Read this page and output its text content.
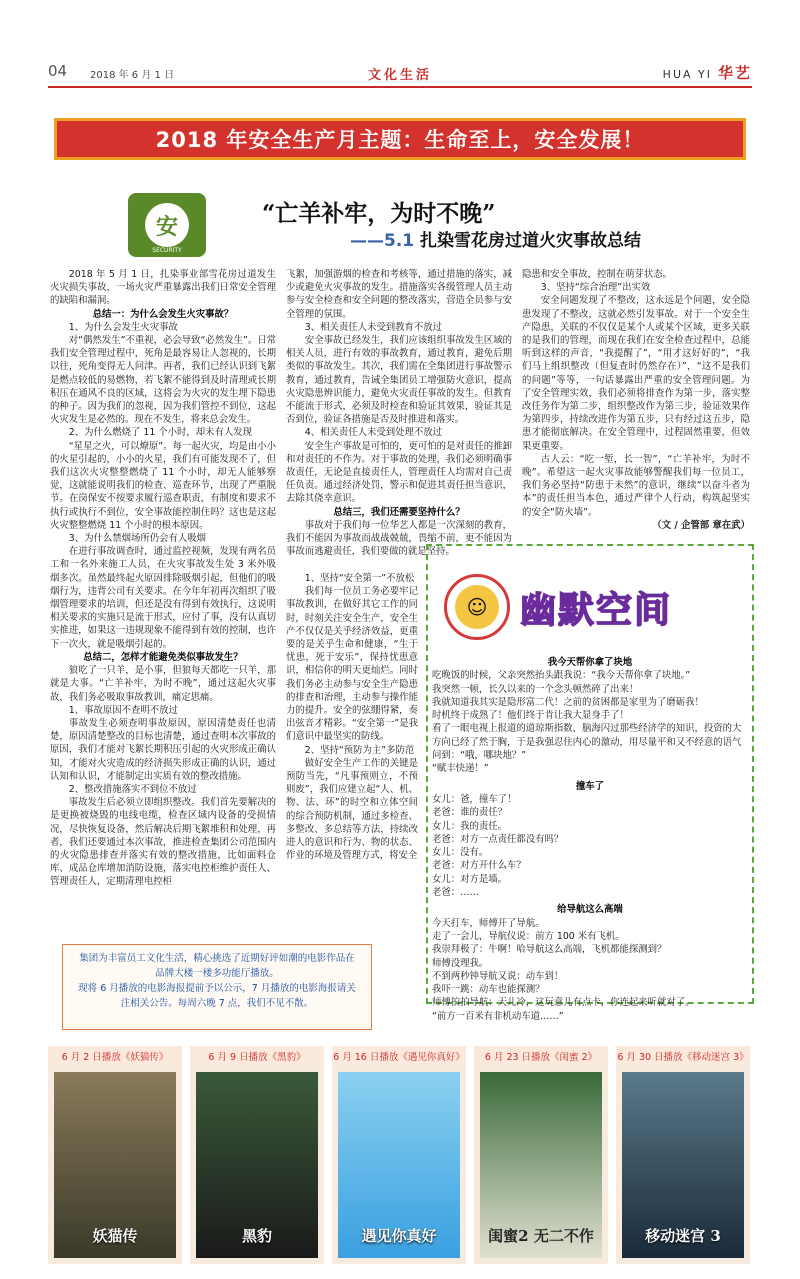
04 2018 年 6 月 1 日	文化生活	HUA YI 华艺
2018 年安全生产月主题：生命至上，安全发展！
安
SECURITY
“亡羊补牢，为时不晚”
——5.1 扎染雪花房过道火灾事故总结

2018 年 5 月 1 日，扎染事业部雪花房过道发生火灾损失事故，一场火灾严重暴露出我们日常安全管理的缺陷和漏洞。

总结一：为什么会发生火灾事故？

1、为什么会发生火灾事故

对“偶然发生”不重视，必会导致“必然发生”。日常我们安全管理过程中，死角是最容易让人忽视的，长期以往，死角变得无人问津。再者，我们已经认识到飞絮是燃点较低的易燃物，若飞絮不能得到及时清理或长期积压在通风不良的区域，这将会为火灾的发生埋下隐患的种子。因为我们的忽视，因为我们管控不到位，这起火灾发生是必然的。现在不发生，将来总会发生。

2、为什么燃烧了 11 个小时，却未有人发现

“星星之火，可以燎原”。每一起火灾，均是由小小的火星引起的，小小的火星，我们有可能发现不了，但我们这次火灾整整燃烧了 11 个小时，却无人能够察觉，这就能说明我们的检查、巡查环节，出现了严重脱节。在岗保安不按要求履行巡查职责，有制度和要求不执行或执行不到位，安全事故能控制住吗？这也是这起火灾整整燃烧 11 个小时的根本原因。

3、为什么禁烟场所仍会有人吸烟

在进行事故调查时，通过监控视频，发现有两名员工和一名外来施工人员，在火灾事故发生处 3 米外吸烟多次。虽然最终起火原因排除吸烟引起，但他们的吸烟行为，违背公司有关要求。在今年年初再次组织了吸烟管理要求的培训，但还是没有得到有效执行，这说明相关要求的实施只是流于形式，应付了事，没有认真切实推进，如果这一违规现象不能得到有效的控制，也许下一次火，就是吸烟引起的。

总结二，怎样才能避免类似事故发生？

狼吃了一只羊，是小事，但狼每天都吃一只羊，那就是大事。“亡羊补牢，为时不晚”，通过这起火灾事故，我们务必吸取事故教训，痛定思痛。

1、事故原因不查明不放过

事故发生必须查明事故原因，原因清楚责任也清楚，原因清楚整改的目标也清楚，通过查明本次事故的原因，我们才能对飞絮长期积压引起的火灾形成正确认知，才能对火灾造成的经济损失形成正确的认识，通过认知和认识，才能制定出实质有效的整改措施。

2、整改措施落实不到位不放过

事故发生后必须立即组织整改。我们首先要解决的是更换被烧毁的电线电缆，检查区域内设备的受损情况，尽快恢复设备，然后解决后期飞絮堆积和处理，再者，我们还要通过本次事故，推进检查集团公司范围内的火灾隐患排查并落实有效的整改措施，比如面料仓库、成品仓库增加消防设施，落实电控柜维护责任人、管理责任人，定期清理电控柜

飞絮，加强游烟的检查和考核等，通过措施的落实，减少或避免火灾事故的发生。措施落实各级管理人员主动参与安全检查和安全问题的整改落实，营造全员参与安全管理的氛围。

3、相关责任人未受到教育不放过

安全事故已经发生，我们应该组织事故发生区域的相关人员，进行有效的事故教育，通过教育，避免后期类似的事故发生。其次，我们需在全集团进行事故警示教育，通过教育，告诫全集团员工增强防火意识，提高火灾隐患辨识能力，避免火灾责任事故的发生。但教育不能流于形式，必须及时检查和验证其效果，验证其是否到位，验证各措施是否及时推进和落实。

4、相关责任人未受到处理不放过

安全生产事故是可怕的，更可怕的是对责任的推卸和对责任的不作为。对于事故的处理，我们必须明确事故责任，无论是直接责任人，管理责任人均需对自己责任负责。通过经济处罚，警示和促进其责任担当意识，去除其侥幸意识。

总结三，我们还需要坚持什么？

事故对于我们每一位华艺人都是一次深刻的教育，我们不能因为事故而战战兢兢，畏缩不前，更不能因为事故而逃避责任，我们要做的就是坚持。

1、坚持“安全第一”不放松

我们每一位员工务必要牢记事故教训，在做好其它工作的同时，时刻关注安全生产，安全生产不仅仅是关乎经济效益，更重要的是关乎生命和健康，“生于忧患，死于安乐”，保持忧患意识，相信你的明天更灿烂。同时我们务必主动参与安全生产隐患的排查和治理，主动参与操作能力的提升。安全的弦绷得紧，奏出弦音才精彩。“安全第一”是我们意识中最坚实的防线。

2、坚持“预防为主”多防范

做好安全生产工作的关键是预防当先，“凡事预则立，不预则废”，我们应建立起“人、机、物、法、环”的时空和立体空间的综合预防机制，通过多检查、多整改、多总结等方法，持续改进人的意识和行为、物的状态、作业的环境及管理方式，将安全

隐患和安全事故，控制在萌芽状态。

3、坚持“综合治理”出实效

安全问题发现了不整改，这永远是个问题，安全隐患发现了不整改，这就必然引发事故。对于一个安全生产隐患，关联的不仅仅是某个人或某个区域，更多关联的是我们的管理，而现在我们在安全检查过程中，总能听到这样的声音，“我提醒了”，“用才这好好的”，“我们马上组织整改（但复查时仍然存在）”，“这不是我们的问题”等等，一句话暴露出严重的安全管理问题。为了安全管理实效，我们必须将排查作为第一步，落实整改任务作为第二步，组织整改作为第三步，验证效果作为第四步，持续改进作为第五步，只有经过这五步，隐患才能彻底解决。在安全管理中，过程固然重要，但效果更重要。

古人云：“吃一堑，长一智”，“亡羊补牢，为时不晚”。希望这一起火灾事故能够警醒我们每一位员工，我们务必坚持“防患于未然”的意识，继续“以奋斗者为本”的责任担当本色，通过严律个人行动，构筑起坚实的安全“防火墙”。

（文 / 企管部 章在武）

☺ 幽默空间

我今天帮你拿了块地

吃晚饭的时候，父亲突然抬头跟我说：“我今天帮你拿了块地。”

我突然一顿，长久以来的一个念头顿然碎了出来！

我就知道我其实是隐形富二代！之前的贫困都是家里为了磨砺我！

时机终于成熟了！他们终于肯让我大显身手了！

看了一眼电视上报道的道琼斯指数，脑海闪过那些经济学的知识，投资的大方向已经了然于胸，于是我强忍住内心的激动，用尽量平和又不经意的语气问到：“哦，哪块地？”

“赋丰快递！”

撞车了

女儿：爸，撞车了！

老爸：谁的责任？

女儿：我的责任。

老爸：对方一点责任都没有吗？

女儿：没有。

老爸：对方开什么车？

女儿：对方是墙。

老爸：……

给导航这么高端

今天打车，师傅开了导航。

走了一会儿，导航仪说：前方 100 米有飞机。

我崇拜极了：牛啊！哈导航这么高端，飞机都能探测到？

师傅没理我。

不到两秒钟导航又说：动车到！

我吓一跳：动车也能探测？

师傅拍拍导航：天儿冷，这玩意儿有点卡，你连起来听就对了。

“前方一百米有非机动车道……”

集团为丰富员工文化生活，精心挑选了近期好评如潮的电影作品在品牌大楼一楼多功能厅播放。

现将 6 月播放的电影海报提前予以公示，7 月播放的电影海报请关注相关公告。每周六晚 7 点，我们不见不散。

6 月 2 日播放《妖猫传》
妖猫传
6 月 9 日播放《黑豹》
黑豹
6 月 16 日播放《遇见你真好》
遇见你真好
6 月 23 日播放《闺蜜 2》
闺蜜2 无二不作
6 月 30 日播放《移动迷宫 3》
移动迷宫 3
